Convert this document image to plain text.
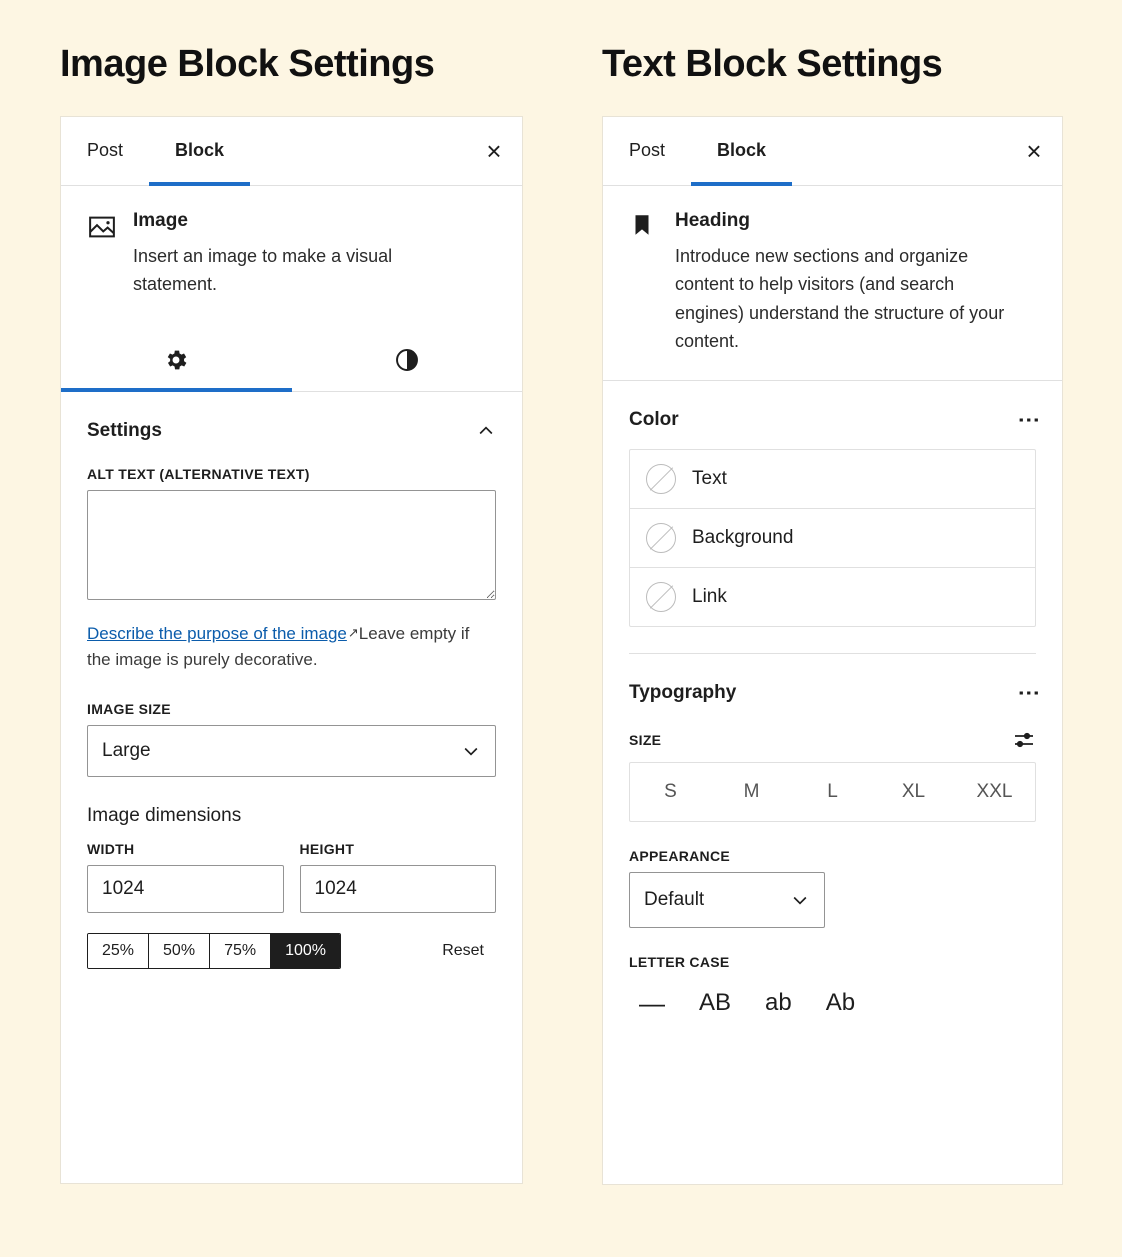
Image Block Settings
Post	Block	×
Image
Insert an image to make a visual statement.
Settings
ALT TEXT (ALTERNATIVE TEXT)
Describe the purpose of the image↗Leave empty if the image is purely decorative.
IMAGE SIZE
Large
Image dimensions
WIDTH
1024	HEIGHT
1024
25%	50%	75%	100%	Reset
Text Block Settings
Post	Block	×
Heading
Introduce new sections and organize content to help visitors (and search engines) understand the structure of your content.
Color	⋮
Text
Background
Link
Typography	⋮
SIZE
S	M	L	XL	XXL
APPEARANCE
Default
LETTER CASE
— AB ab Ab
